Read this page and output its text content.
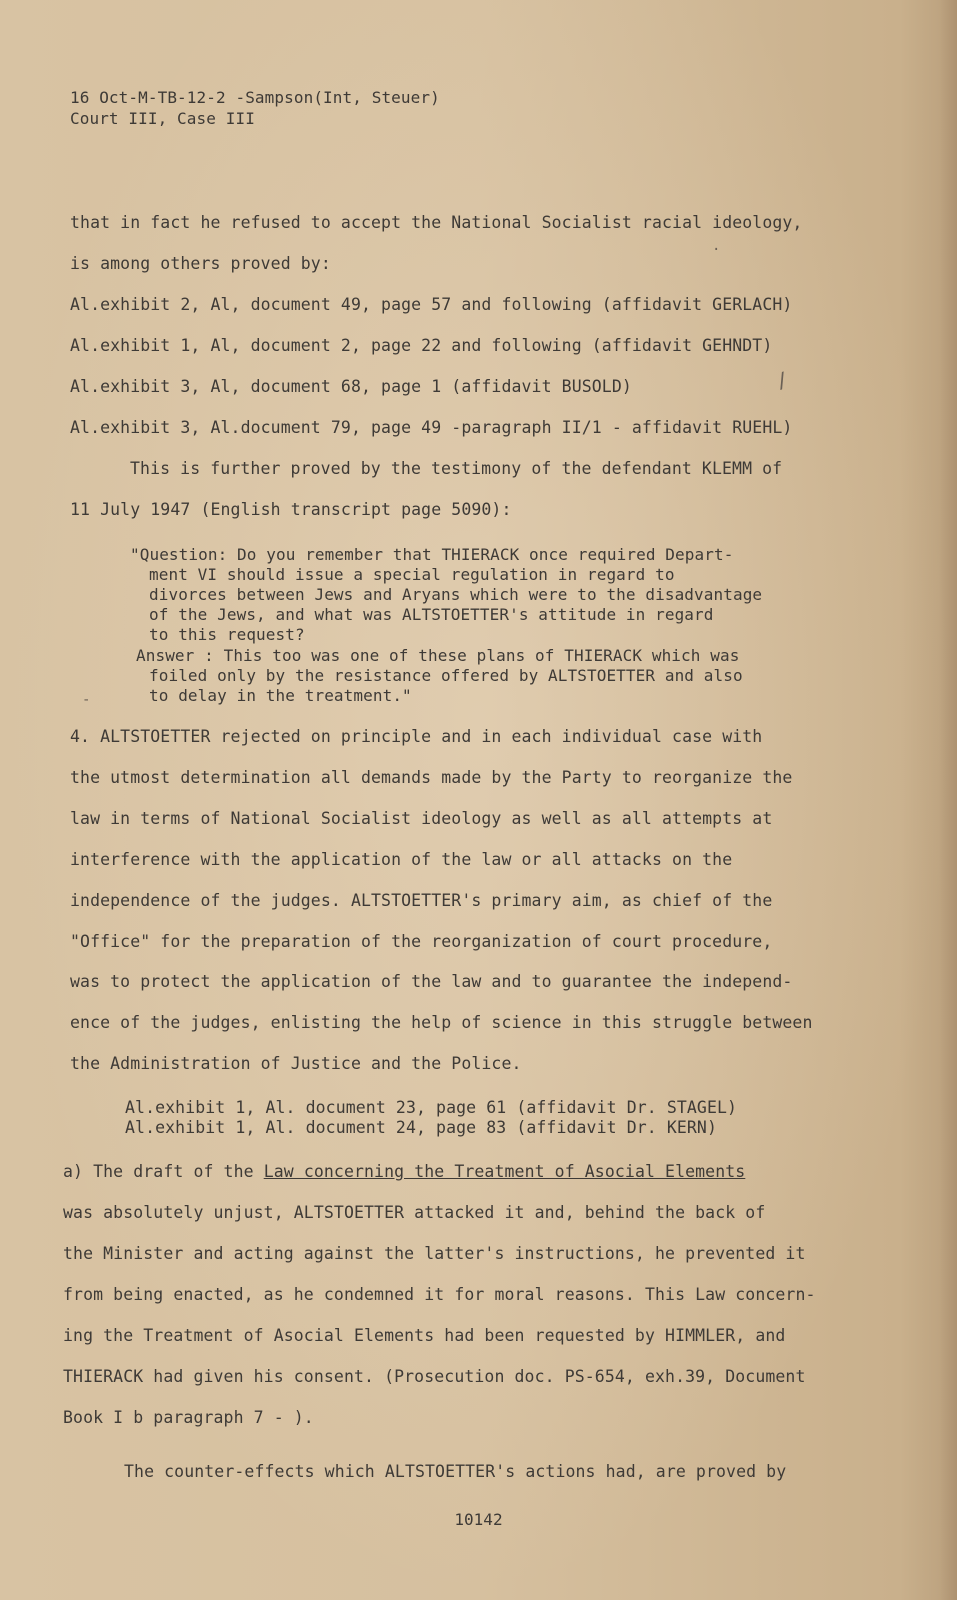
16 Oct-M-TB-12-2 -Sampson(Int, Steuer)
Court III, Case III
that in fact he refused to accept the National Socialist racial ideology,
is among others proved by:
Al.exhibit 2, Al, document 49, page 57 and following (affidavit GERLACH)
Al.exhibit 1, Al, document 2, page 22 and following (affidavit GEHNDT)
Al.exhibit 3, Al, document 68, page 1 (affidavit BUSOLD)
Al.exhibit 3, Al.document 79, page 49 -paragraph II/1 - affidavit RUEHL)
This is further proved by the testimony of the defendant KLEMM of
11 July 1947 (English transcript page 5090):
"Question: Do you remember that THIERACK once required Depart-
ment VI should issue a special regulation in regard to
divorces between Jews and Aryans which were to the disadvantage
of the Jews, and what was ALTSTOETTER's attitude in regard
to this request?
Answer : This too was one of these plans of THIERACK which was
foiled only by the resistance offered by ALTSTOETTER and also
to delay in the treatment."
4. ALTSTOETTER rejected on principle and in each individual case with
the utmost determination all demands made by the Party to reorganize the
law in terms of National Socialist ideology as well as all attempts at
interference with the application of the law or all attacks on the
independence of the judges. ALTSTOETTER's primary aim, as chief of the
"Office" for the preparation of the reorganization of court procedure,
was to protect the application of the law and to guarantee the independ-
ence of the judges, enlisting the help of science in this struggle between
the Administration of Justice and the Police.
Al.exhibit 1, Al. document 23, page 61 (affidavit Dr. STAGEL)
Al.exhibit 1, Al. document 24, page 83 (affidavit Dr. KERN)
a) The draft of the Law concerning the Treatment of Asocial Elements
was absolutely unjust, ALTSTOETTER attacked it and, behind the back of
the Minister and acting against the latter's instructions, he prevented it
from being enacted, as he condemned it for moral reasons. This Law concern-
ing the Treatment of Asocial Elements had been requested by HIMMLER, and
THIERACK had given his consent. (Prosecution doc. PS-654, exh.39, Document
Book I b paragraph 7 - ).
The counter-effects which ALTSTOETTER's actions had, are proved by
10142
·
/
-
